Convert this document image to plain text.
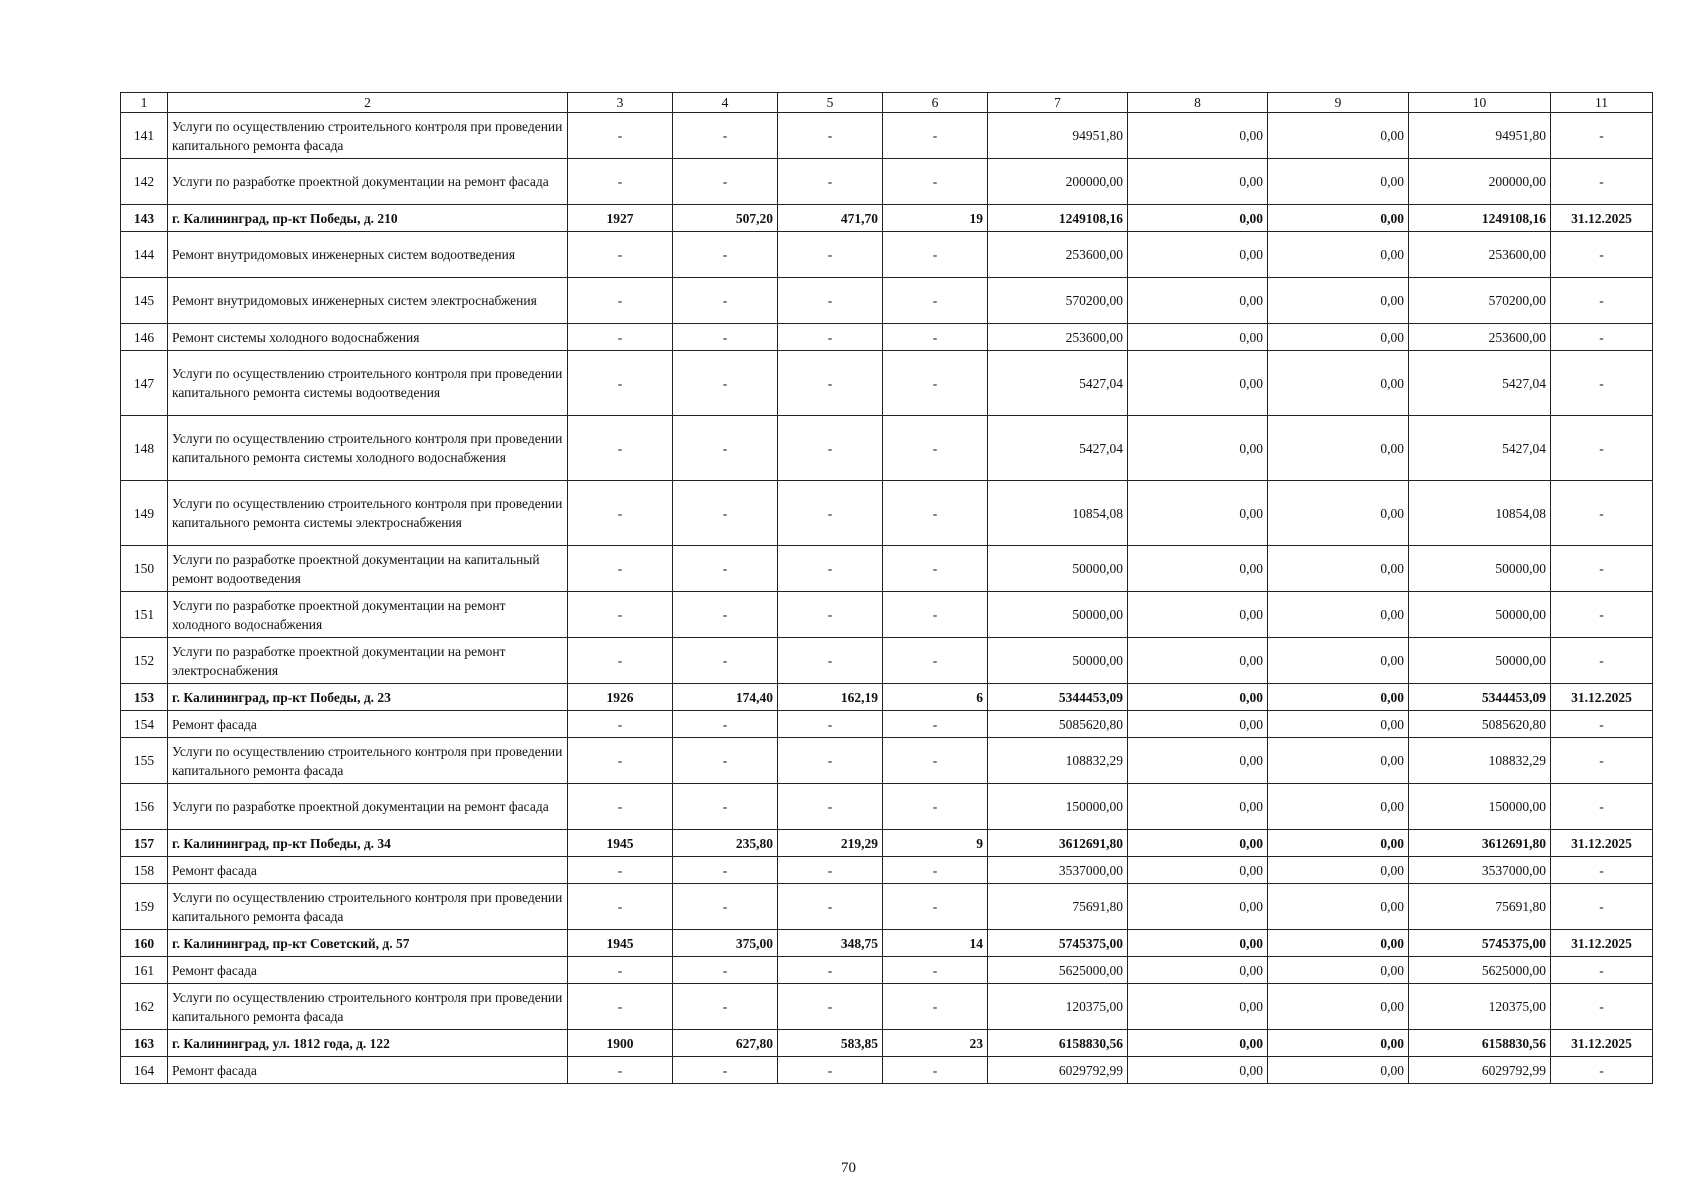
1	2	3	4	5	6	7	8	9	10	11
141	Услуги по осуществлению строительного контроля при проведении капитального ремонта фасада	-	-	-	-	94951,80	0,00	0,00	94951,80	-
142	Услуги по разработке проектной документации на ремонт фасада	-	-	-	-	200000,00	0,00	0,00	200000,00	-
143	г. Калининград, пр-кт Победы, д. 210	1927	507,20	471,70	19	1249108,16	0,00	0,00	1249108,16	31.12.2025
144	Ремонт внутридомовых инженерных систем водоотведения	-	-	-	-	253600,00	0,00	0,00	253600,00	-
145	Ремонт внутридомовых инженерных систем электроснабжения	-	-	-	-	570200,00	0,00	0,00	570200,00	-
146	Ремонт системы холодного водоснабжения	-	-	-	-	253600,00	0,00	0,00	253600,00	-
147	Услуги по осуществлению строительного контроля при проведении капитального ремонта системы водоотведения	-	-	-	-	5427,04	0,00	0,00	5427,04	-
148	Услуги по осуществлению строительного контроля при проведении капитального ремонта системы холодного водоснабжения	-	-	-	-	5427,04	0,00	0,00	5427,04	-
149	Услуги по осуществлению строительного контроля при проведении капитального ремонта системы электроснабжения	-	-	-	-	10854,08	0,00	0,00	10854,08	-
150	Услуги по разработке проектной документации на капитальный ремонт водоотведения	-	-	-	-	50000,00	0,00	0,00	50000,00	-
151	Услуги по разработке проектной документации на ремонт холодного водоснабжения	-	-	-	-	50000,00	0,00	0,00	50000,00	-
152	Услуги по разработке проектной документации на ремонт электроснабжения	-	-	-	-	50000,00	0,00	0,00	50000,00	-
153	г. Калининград, пр-кт Победы, д. 23	1926	174,40	162,19	6	5344453,09	0,00	0,00	5344453,09	31.12.2025
154	Ремонт фасада	-	-	-	-	5085620,80	0,00	0,00	5085620,80	-
155	Услуги по осуществлению строительного контроля при проведении капитального ремонта фасада	-	-	-	-	108832,29	0,00	0,00	108832,29	-
156	Услуги по разработке проектной документации на ремонт фасада	-	-	-	-	150000,00	0,00	0,00	150000,00	-
157	г. Калининград, пр-кт Победы, д. 34	1945	235,80	219,29	9	3612691,80	0,00	0,00	3612691,80	31.12.2025
158	Ремонт фасада	-	-	-	-	3537000,00	0,00	0,00	3537000,00	-
159	Услуги по осуществлению строительного контроля при проведении капитального ремонта фасада	-	-	-	-	75691,80	0,00	0,00	75691,80	-
160	г. Калининград, пр-кт Советский, д. 57	1945	375,00	348,75	14	5745375,00	0,00	0,00	5745375,00	31.12.2025
161	Ремонт фасада	-	-	-	-	5625000,00	0,00	0,00	5625000,00	-
162	Услуги по осуществлению строительного контроля при проведении капитального ремонта фасада	-	-	-	-	120375,00	0,00	0,00	120375,00	-
163	г. Калининград, ул. 1812 года, д. 122	1900	627,80	583,85	23	6158830,56	0,00	0,00	6158830,56	31.12.2025
164	Ремонт фасада	-	-	-	-	6029792,99	0,00	0,00	6029792,99	-
70
